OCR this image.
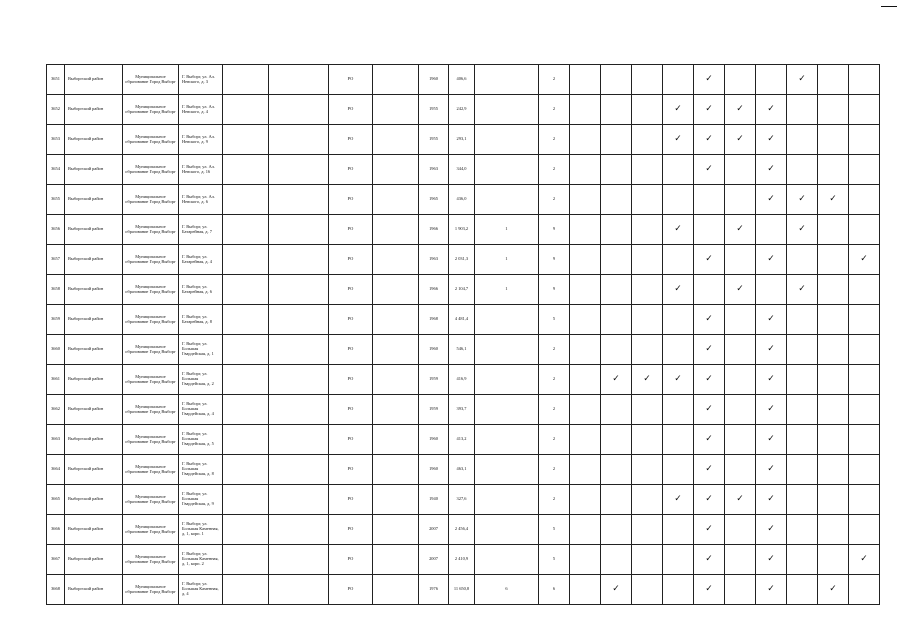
3651	Выборгский район	Муниципальное образование Город Выборг	Г. Выборг, ул. Ал. Невского, д. 3			РО		1960	406,6		2					✓			✓				
3652	Выборгский район	Муниципальное образование Город Выборг	Г. Выборг, ул. Ал. Невского, д. 4			РО		1955	242,9		2				✓	✓	✓	✓					
3653	Выборгский район	Муниципальное образование Город Выборг	Г. Выборг, ул. Ал. Невского, д. 9			РО		1955	293,1		2				✓	✓	✓	✓					
3654	Выборгский район	Муниципальное образование Город Выборг	Г. Выборг, ул. Ал. Невского, д. 16			РО		1963	344,0		2					✓		✓					
3655	Выборгский район	Муниципальное образование Город Выборг	Г. Выборг, ул. Ал. Невского, д. 6			РО		1965	436,0		2							✓	✓	✓			
3656	Выборгский район	Муниципальное образование Город Выборг	Г. Выборг, ул. Батарейная, д. 7			РО		1966	1 903,2	1	9				✓		✓		✓				
3657	Выборгский район	Муниципальное образование Город Выборг	Г. Выборг, ул. Батарейная, д. 4			РО		1963	2 031,3	1	9					✓		✓			✓		
3658	Выборгский район	Муниципальное образование Город Выборг	Г. Выборг, ул. Батарейная, д. 6			РО		1966	2 104,7	1	9				✓		✓		✓				
3659	Выборгский район	Муниципальное образование Город Выборг	Г. Выборг, ул. Батарейная, д. 8			РО		1968	4 481,4		5					✓		✓					
3660	Выборгский район	Муниципальное образование Город Выборг	Г. Выборг, ул. Большая Гвардейская, д. 1			РО		1960	546,1		2					✓		✓					
3661	Выборгский район	Муниципальное образование Город Выборг	Г. Выборг, ул. Большая Гвардейская, д. 2			РО		1959	416,9		2		✓	✓	✓	✓		✓					
3662	Выборгский район	Муниципальное образование Город Выборг	Г. Выборг, ул. Большая Гвардейская, д. 4			РО		1959	393,7		2					✓		✓					
3663	Выборгский район	Муниципальное образование Город Выборг	Г. Выборг, ул. Большая Гвардейская, д. 5			РО		1960	413,2		2					✓		✓					
3664	Выборгский район	Муниципальное образование Город Выборг	Г. Выборг, ул. Большая Гвардейская, д. 8			РО		1960	463,1		2					✓		✓					
3665	Выборгский район	Муниципальное образование Город Выборг	Г. Выборг, ул. Большая Гвардейская, д. 9			РО		1940	327,6		2				✓	✓	✓	✓					
3666	Выборгский район	Муниципальное образование Город Выборг	Г. Выборг, ул. Большая Каменная, д. 1, корп. 1			РО		2007	2 456,4		5					✓		✓					
3667	Выборгский район	Муниципальное образование Город Выборг	Г. Выборг, ул. Большая Каменная, д. 1, корп. 2			РО		2007	2 410,9		5					✓		✓			✓		
3668	Выборгский район	Муниципальное образование Город Выборг	Г. Выборг, ул. Большая Каменная, д. 4			РО		1976	11 650,8	6	6		✓			✓		✓		✓			
